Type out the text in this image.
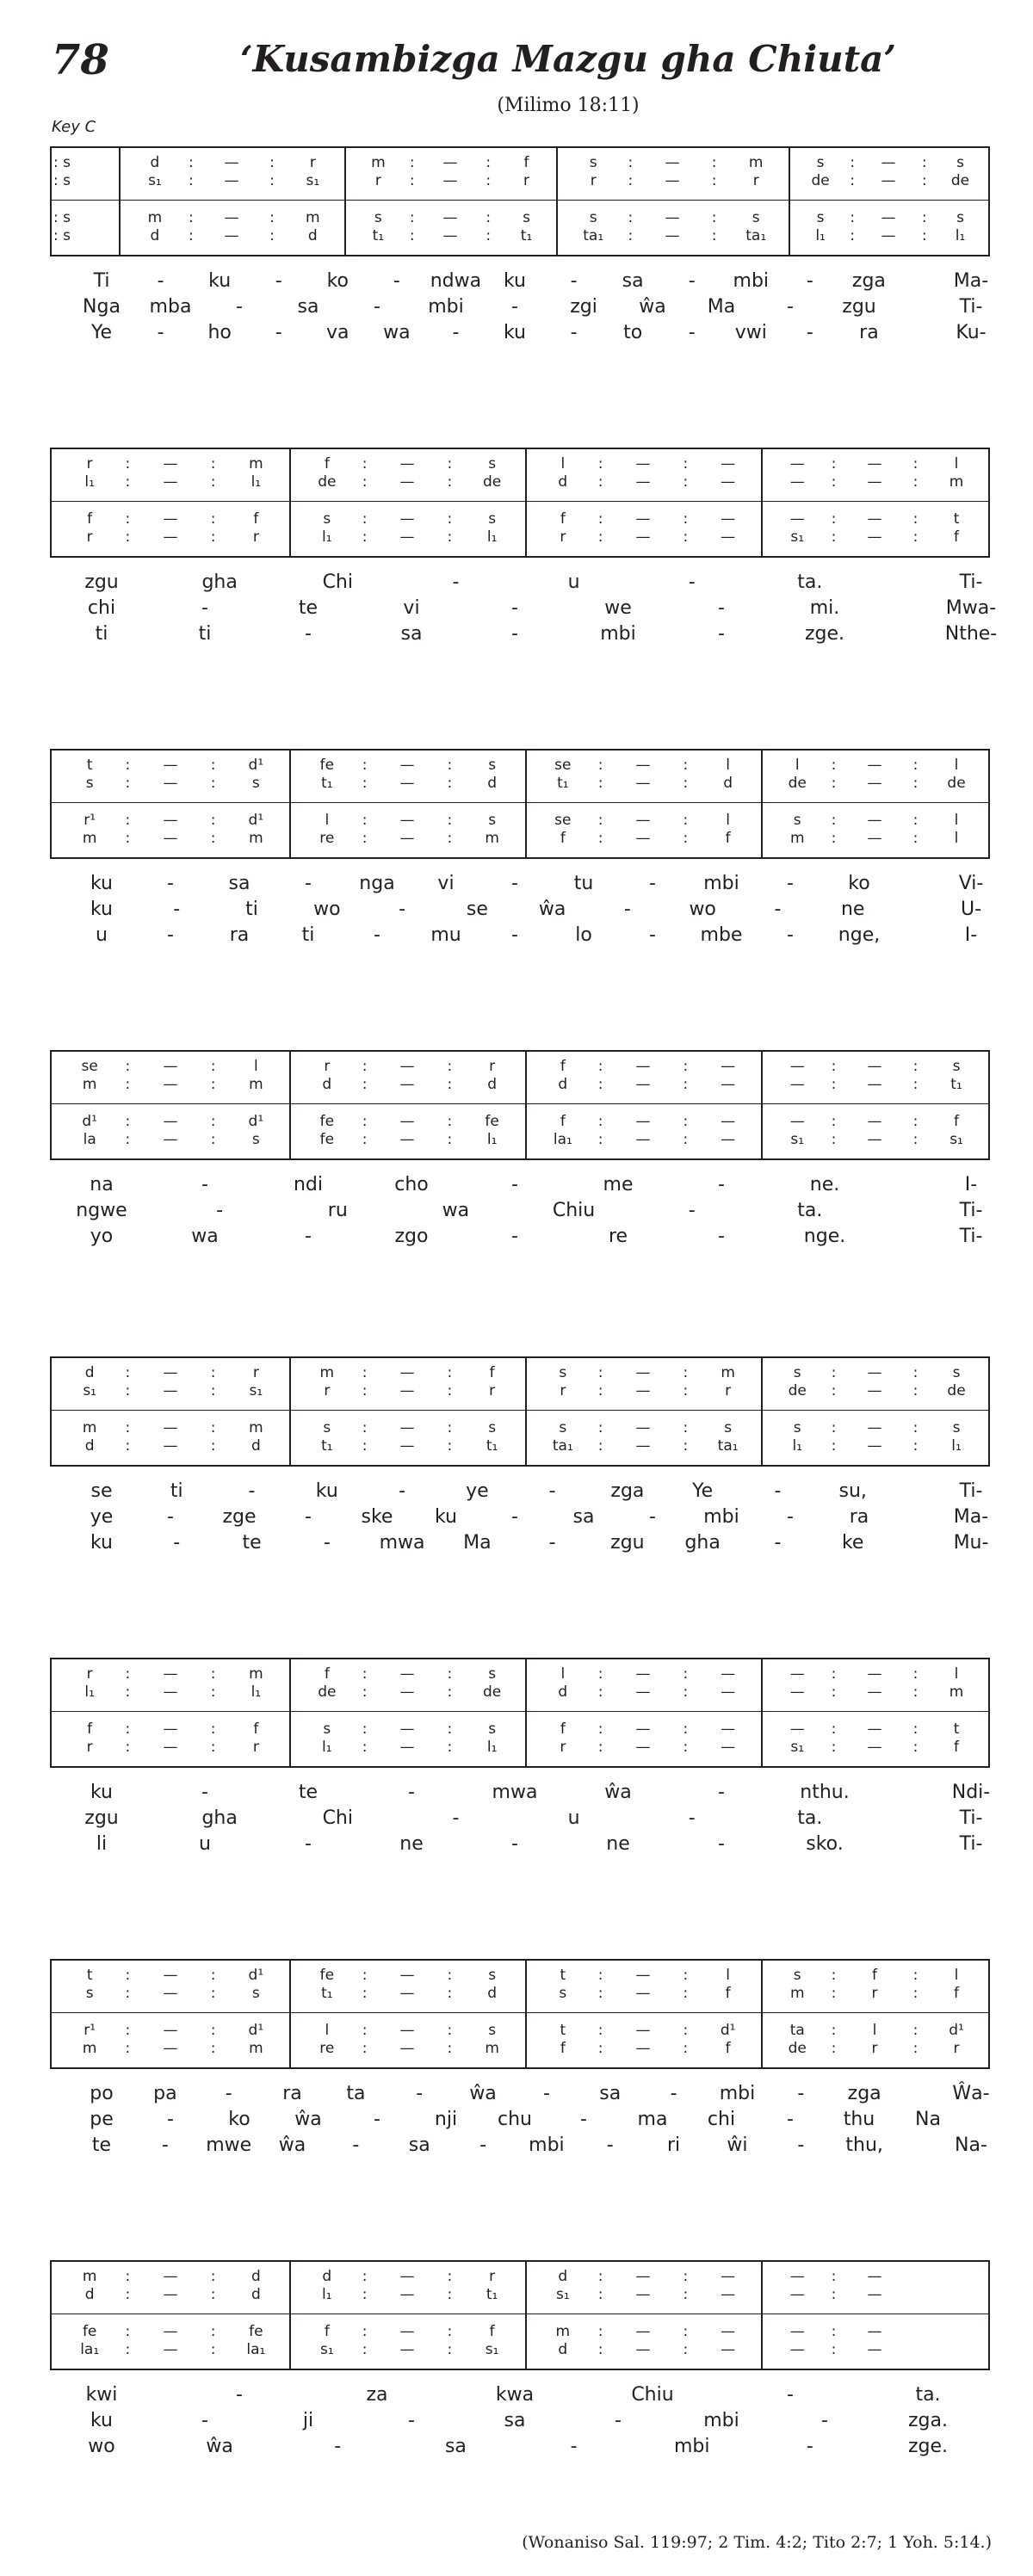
78	‘Kusambizga Mazgu gha Chiuta’
(Milimo 18:11)
Key C
: s	d	:	—	:	r	m	:	—	:	f	s	:	—	:	m	s	:	—	:	s
: s	s₁	:	—	:	s₁	r	:	—	:	r	r	:	—	:	r	de	:	—	:	de
: s	m	:	—	:	m	s	:	—	:	s	s	:	—	:	s	s	:	—	:	s
: s	d	:	—	:	d	t₁	:	—	:	t₁	ta₁	:	—	:	ta₁	l₁	:	—	:	l₁
Ti	-	ku	-	ko	-	ndwa	ku	-	sa	-	mbi	-	zga	Ma-
Nga	mba	-	sa	-	mbi	-	zgi	ŵa	Ma	-	zgu	Ti-
Ye	-	ho	-	va	wa	-	ku	-	to	-	vwi	-	ra	Ku-
r	:	—	:	m	f	:	—	:	s	l	:	—	:	—	—	:	—	:	l
l₁	:	—	:	l₁	de	:	—	:	de	d	:	—	:	—	—	:	—	:	m
f	:	—	:	f	s	:	—	:	s	f	:	—	:	—	—	:	—	:	t
r	:	—	:	r	l₁	:	—	:	l₁	r	:	—	:	—	s₁	:	—	:	f
zgu	gha	Chi	-	u	-	ta.	Ti-
chi	-	te	vi	-	we	-	mi.	Mwa-
ti	ti	-	sa	-	mbi	-	zge.	Nthe-
t	:	—	:	d¹	fe	:	—	:	s	se	:	—	:	l	l	:	—	:	l
s	:	—	:	s	t₁	:	—	:	d	t₁	:	—	:	d	de	:	—	:	de
r¹	:	—	:	d¹	l	:	—	:	s	se	:	—	:	l	s	:	—	:	l
m	:	—	:	m	re	:	—	:	m	f	:	—	:	f	m	:	—	:	l
ku	-	sa	-	nga	vi	-	tu	-	mbi	-	ko	Vi-
ku	-	ti	wo	-	se	ŵa	-	wo	-	ne	U-
u	-	ra	ti	-	mu	-	lo	-	mbe	-	nge,	I-
se	:	—	:	l	r	:	—	:	r	f	:	—	:	—	—	:	—	:	s
m	:	—	:	m	d	:	—	:	d	d	:	—	:	—	—	:	—	:	t₁
d¹	:	—	:	d¹	fe	:	—	:	fe	f	:	—	:	—	—	:	—	:	f
la	:	—	:	s	fe	:	—	:	l₁	la₁	:	—	:	—	s₁	:	—	:	s₁
na	-	ndi	cho	-	me	-	ne.	I-
ngwe	-	ru	wa	Chiu	-	ta.	Ti-
yo	wa	-	zgo	-	re	-	nge.	Ti-
d	:	—	:	r	m	:	—	:	f	s	:	—	:	m	s	:	—	:	s
s₁	:	—	:	s₁	r	:	—	:	r	r	:	—	:	r	de	:	—	:	de
m	:	—	:	m	s	:	—	:	s	s	:	—	:	s	s	:	—	:	s
d	:	—	:	d	t₁	:	—	:	t₁	ta₁	:	—	:	ta₁	l₁	:	—	:	l₁
se	ti	-	ku	-	ye	-	zga	Ye	-	su,	Ti-
ye	-	zge	-	ske	ku	-	sa	-	mbi	-	ra	Ma-
ku	-	te	-	mwa	Ma	-	zgu	gha	-	ke	Mu-
r	:	—	:	m	f	:	—	:	s	l	:	—	:	—	—	:	—	:	l
l₁	:	—	:	l₁	de	:	—	:	de	d	:	—	:	—	—	:	—	:	m
f	:	—	:	f	s	:	—	:	s	f	:	—	:	—	—	:	—	:	t
r	:	—	:	r	l₁	:	—	:	l₁	r	:	—	:	—	s₁	:	—	:	f
ku	-	te	-	mwa	ŵa	-	nthu.	Ndi-
zgu	gha	Chi	-	u	-	ta.	Ti-
li	u	-	ne	-	ne	-	sko.	Ti-
t	:	—	:	d¹	fe	:	—	:	s	t	:	—	:	l	s	:	f	:	l
s	:	—	:	s	t₁	:	—	:	d	s	:	—	:	f	m	:	r	:	f
r¹	:	—	:	d¹	l	:	—	:	s	t	:	—	:	d¹	ta	:	l	:	d¹
m	:	—	:	m	re	:	—	:	m	f	:	—	:	f	de	:	r	:	r
po	pa	-	ra	ta	-	ŵa	-	sa	-	mbi	-	zga	Ŵa-
pe	-	ko	ŵa	-	nji	chu	-	ma	chi	-	thu	Na
te	-	mwe	ŵa	-	sa	-	mbi	-	ri	ŵi	-	thu,	Na-
m	:	—	:	d	d	:	—	:	r	d	:	—	:	—	—	:	—
d	:	—	:	d	l₁	:	—	:	t₁	s₁	:	—	:	—	—	:	—
fe	:	—	:	fe	f	:	—	:	f	m	:	—	:	—	—	:	—
la₁	:	—	:	la₁	s₁	:	—	:	s₁	d	:	—	:	—	—	:	—
kwi	-	za	kwa	Chiu	-	ta.
ku	-	ji	-	sa	-	mbi	-	zga.
wo	ŵa	-	sa	-	mbi	-	zge.
(Wonaniso Sal. 119:97; 2 Tim. 4:2; Tito 2:7; 1 Yoh. 5:14.)
